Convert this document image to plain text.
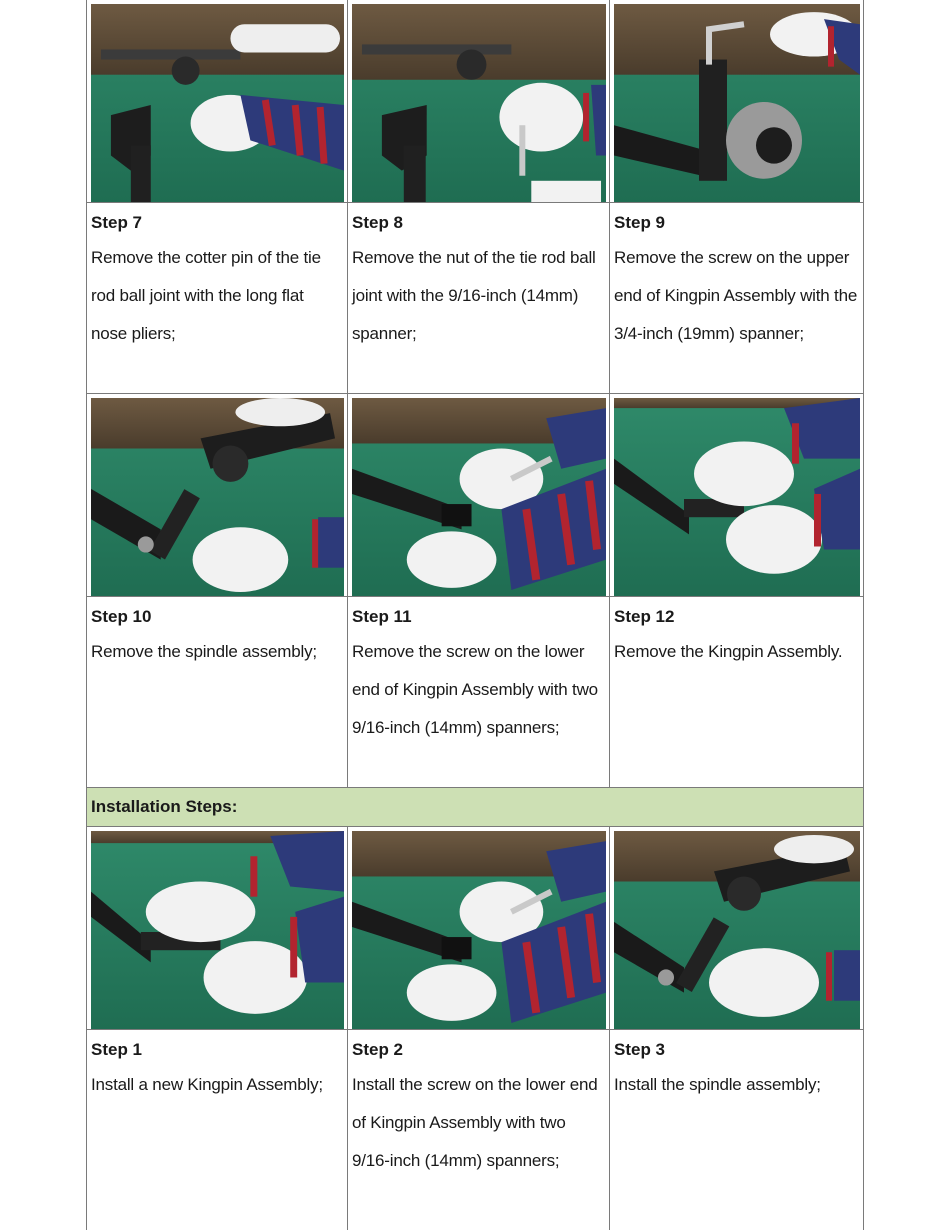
Step 7
Remove the cotter pin of the tie rod ball joint with the long flat nose pliers;
Step 8
Remove the nut of the tie rod ball joint with the 9/16-inch (14mm) spanner;
Step 9
Remove the screw on the upper end of Kingpin Assembly with the 3/4-inch (19mm) spanner;
Step 10
Remove the spindle assembly;
Step 11
Remove the screw on the lower end of Kingpin Assembly with two 9/16-inch (14mm) spanners;
Step 12
Remove the Kingpin Assembly.
Installation Steps:
Step 1
Install a new Kingpin Assembly;
Step 2
Install the screw on the lower end of Kingpin Assembly with two 9/16-inch (14mm) spanners;
Step 3
Install the spindle assembly;
